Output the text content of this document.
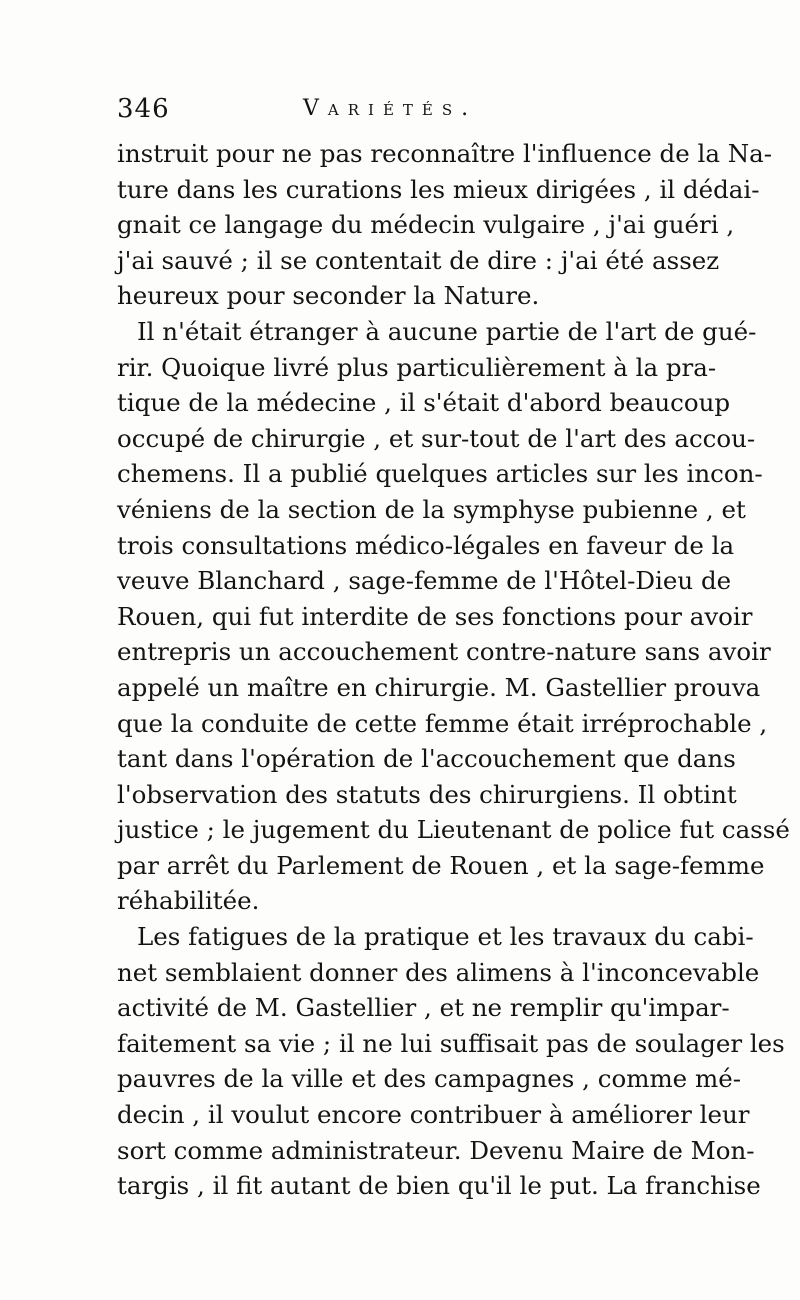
346	Variétés.
instruit pour ne pas reconnaître l'influence de la Na-
ture dans les curations les mieux dirigées , il dédai-
gnait ce langage du médecin vulgaire , j'ai guéri ,
j'ai sauvé ; il se contentait de dire : j'ai été assez
heureux pour seconder la Nature.
Il n'était étranger à aucune partie de l'art de gué-
rir. Quoique livré plus particulièrement à la pra-
tique de la médecine , il s'était d'abord beaucoup
occupé de chirurgie , et sur-tout de l'art des accou-
chemens. Il a publié quelques articles sur les incon-
véniens de la section de la symphyse pubienne , et
trois consultations médico-légales en faveur de la
veuve Blanchard , sage-femme de l'Hôtel-Dieu de
Rouen, qui fut interdite de ses fonctions pour avoir
entrepris un accouchement contre-nature sans avoir
appelé un maître en chirurgie. M. Gastellier prouva
que la conduite de cette femme était irréprochable ,
tant dans l'opération de l'accouchement que dans
l'observation des statuts des chirurgiens. Il obtint
justice ; le jugement du Lieutenant de police fut cassé
par arrêt du Parlement de Rouen , et la sage-femme
réhabilitée.
Les fatigues de la pratique et les travaux du cabi-
net semblaient donner des alimens à l'inconcevable
activité de M. Gastellier , et ne remplir qu'impar-
faitement sa vie ; il ne lui suffisait pas de soulager les
pauvres de la ville et des campagnes , comme mé-
decin , il voulut encore contribuer à améliorer leur
sort comme administrateur. Devenu Maire de Mon-
targis , il fit autant de bien qu'il le put. La franchise
